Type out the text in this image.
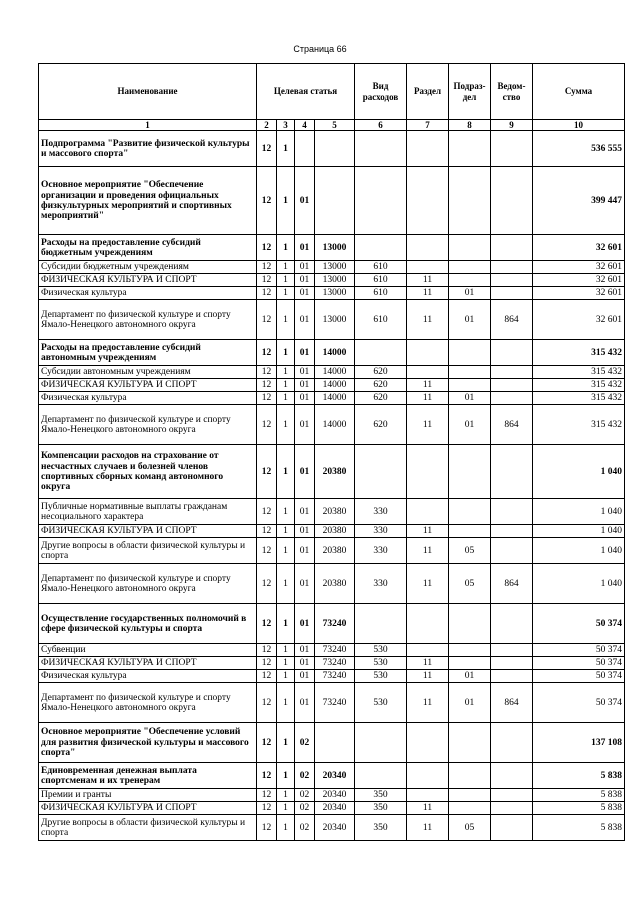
Страница 66
Наименование	Целевая статья				Вид расходов	Раздел	Подраз-дел	Ведом-ство	Сумма
1	2	3	4	5	6	7	8	9	10
Подпрограмма "Развитие физической культуры и массового спорта"	12	1							536 555
Основное мероприятие "Обеспечение организации и проведения официальных физкультурных мероприятий и спортивных мероприятий"	12	1	01						399 447
Расходы на предоставление субсидий бюджетным учреждениям	12	1	01	13000					32 601
Субсидии бюджетным учреждениям	12	1	01	13000	610				32 601
ФИЗИЧЕСКАЯ КУЛЬТУРА И СПОРТ	12	1	01	13000	610	11			32 601
Физическая культура	12	1	01	13000	610	11	01		32 601
Департамент по физической культуре и спорту Ямало-Ненецкого автономного округа	12	1	01	13000	610	11	01	864	32 601
Расходы на предоставление субсидий автономным учреждениям	12	1	01	14000					315 432
Субсидии автономным учреждениям	12	1	01	14000	620				315 432
ФИЗИЧЕСКАЯ КУЛЬТУРА И СПОРТ	12	1	01	14000	620	11			315 432
Физическая культура	12	1	01	14000	620	11	01		315 432
Департамент по физической культуре и спорту Ямало-Ненецкого автономного округа	12	1	01	14000	620	11	01	864	315 432
Компенсации расходов на страхование от несчастных случаев и болезней членов спортивных сборных команд автономного округа	12	1	01	20380					1 040
Публичные нормативные выплаты гражданам несоциального характера	12	1	01	20380	330				1 040
ФИЗИЧЕСКАЯ КУЛЬТУРА И СПОРТ	12	1	01	20380	330	11			1 040
Другие вопросы в области физической культуры и спорта	12	1	01	20380	330	11	05		1 040
Департамент по физической культуре и спорту Ямало-Ненецкого автономного округа	12	1	01	20380	330	11	05	864	1 040
Осуществление государственных полномочий в сфере физической культуры и спорта	12	1	01	73240					50 374
Субвенции	12	1	01	73240	530				50 374
ФИЗИЧЕСКАЯ КУЛЬТУРА И СПОРТ	12	1	01	73240	530	11			50 374
Физическая культура	12	1	01	73240	530	11	01		50 374
Департамент по физической культуре и спорту Ямало-Ненецкого автономного округа	12	1	01	73240	530	11	01	864	50 374
Основное мероприятие "Обеспечение условий для развития физической культуры и массового спорта"	12	1	02						137 108
Единовременная денежная выплата спортсменам и их тренерам	12	1	02	20340					5 838
Премии и гранты	12	1	02	20340	350				5 838
ФИЗИЧЕСКАЯ КУЛЬТУРА И СПОРТ	12	1	02	20340	350	11			5 838
Другие вопросы в области физической культуры и спорта	12	1	02	20340	350	11	05		5 838
